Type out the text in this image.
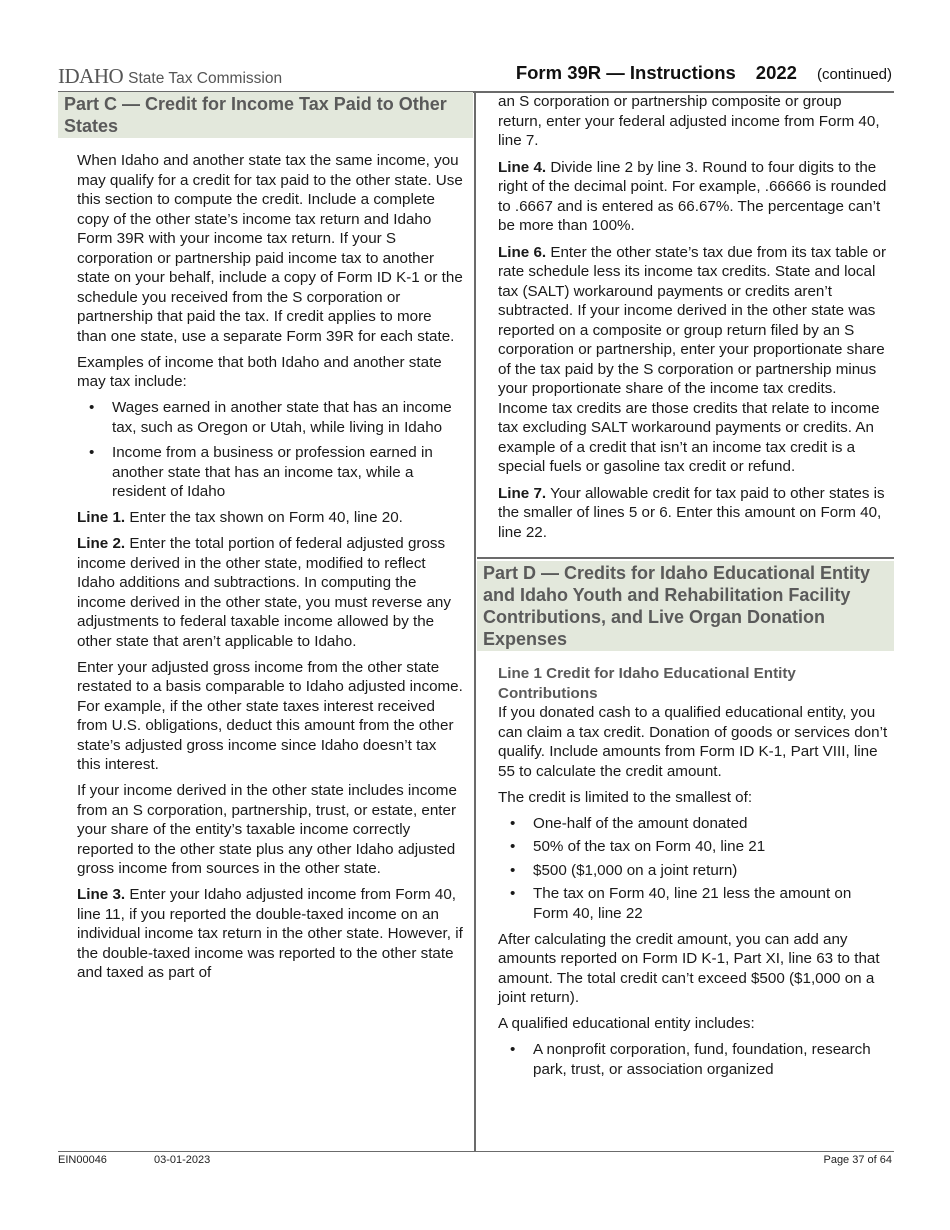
IDAHO State Tax Commission	Form 39R — Instructions 2022 (continued)
Part C — Credit for Income Tax Paid to Other States

When Idaho and another state tax the same income, you may qualify for a credit for tax paid to the other state. Use this section to compute the credit. Include a complete copy of the other state’s income tax return and Idaho Form 39R with your income tax return. If your S corporation or partnership paid income tax to another state on your behalf, include a copy of Form ID K-1 or the schedule you received from the S corporation or partnership that paid the tax. If credit applies to more than one state, use a separate Form 39R for each state.

Examples of income that both Idaho and another state may tax include:

• Wages earned in another state that has an income tax, such as Oregon or Utah, while living in Idaho
• Income from a business or profession earned in another state that has an income tax, while a resident of Idaho

Line 1. Enter the tax shown on Form 40, line 20.

Line 2. Enter the total portion of federal adjusted gross income derived in the other state, modified to reflect Idaho additions and subtractions. In computing the income derived in the other state, you must reverse any adjustments to federal taxable income allowed by the other state that aren’t applicable to Idaho.

Enter your adjusted gross income from the other state restated to a basis comparable to Idaho adjusted income. For example, if the other state taxes interest received from U.S. obligations, deduct this amount from the other state’s adjusted gross income since Idaho doesn’t tax this interest.

If your income derived in the other state includes income from an S corporation, partnership, trust, or estate, enter your share of the entity’s taxable income correctly reported to the other state plus any other Idaho adjusted gross income from sources in the other state.

Line 3. Enter your Idaho adjusted income from Form 40, line 11, if you reported the double-taxed income on an individual income tax return in the other state. However, if the double-taxed income was reported to the other state and taxed as part of

an S corporation or partnership composite or group return, enter your federal adjusted income from Form 40, line 7.

Line 4. Divide line 2 by line 3. Round to four digits to the right of the decimal point. For example, .66666 is rounded to .6667 and is entered as 66.67%. The percentage can’t be more than 100%.

Line 6. Enter the other state’s tax due from its tax table or rate schedule less its income tax credits. State and local tax (SALT) workaround payments or credits aren’t subtracted. If your income derived in the other state was reported on a composite or group return filed by an S corporation or partnership, enter your proportionate share of the tax paid by the S corporation or partnership minus your proportionate share of the income tax credits. Income tax credits are those credits that relate to income tax excluding SALT workaround payments or credits. An example of a credit that isn’t an income tax credit is a special fuels or gasoline tax credit or refund.

Line 7. Your allowable credit for tax paid to other states is the smaller of lines 5 or 6. Enter this amount on Form 40, line 22.

Part D — Credits for Idaho Educational Entity and Idaho Youth and Rehabilitation Facility Contributions, and Live Organ Donation Expenses
Line 1 Credit for Idaho Educational Entity Contributions

If you donated cash to a qualified educational entity, you can claim a tax credit. Donation of goods or services don’t qualify. Include amounts from Form ID K-1, Part VIII, line 55 to calculate the credit amount.

The credit is limited to the smallest of:

• One-half of the amount donated
• 50% of the tax on Form 40, line 21
• $500 ($1,000 on a joint return)
• The tax on Form 40, line 21 less the amount on Form 40, line 22

After calculating the credit amount, you can add any amounts reported on Form ID K-1, Part XI, line 63 to that amount. The total credit can’t exceed $500 ($1,000 on a joint return).

A qualified educational entity includes:

• A nonprofit corporation, fund, foundation, research park, trust, or association organized
EIN00046	03-01-2023	Page 37 of 64
